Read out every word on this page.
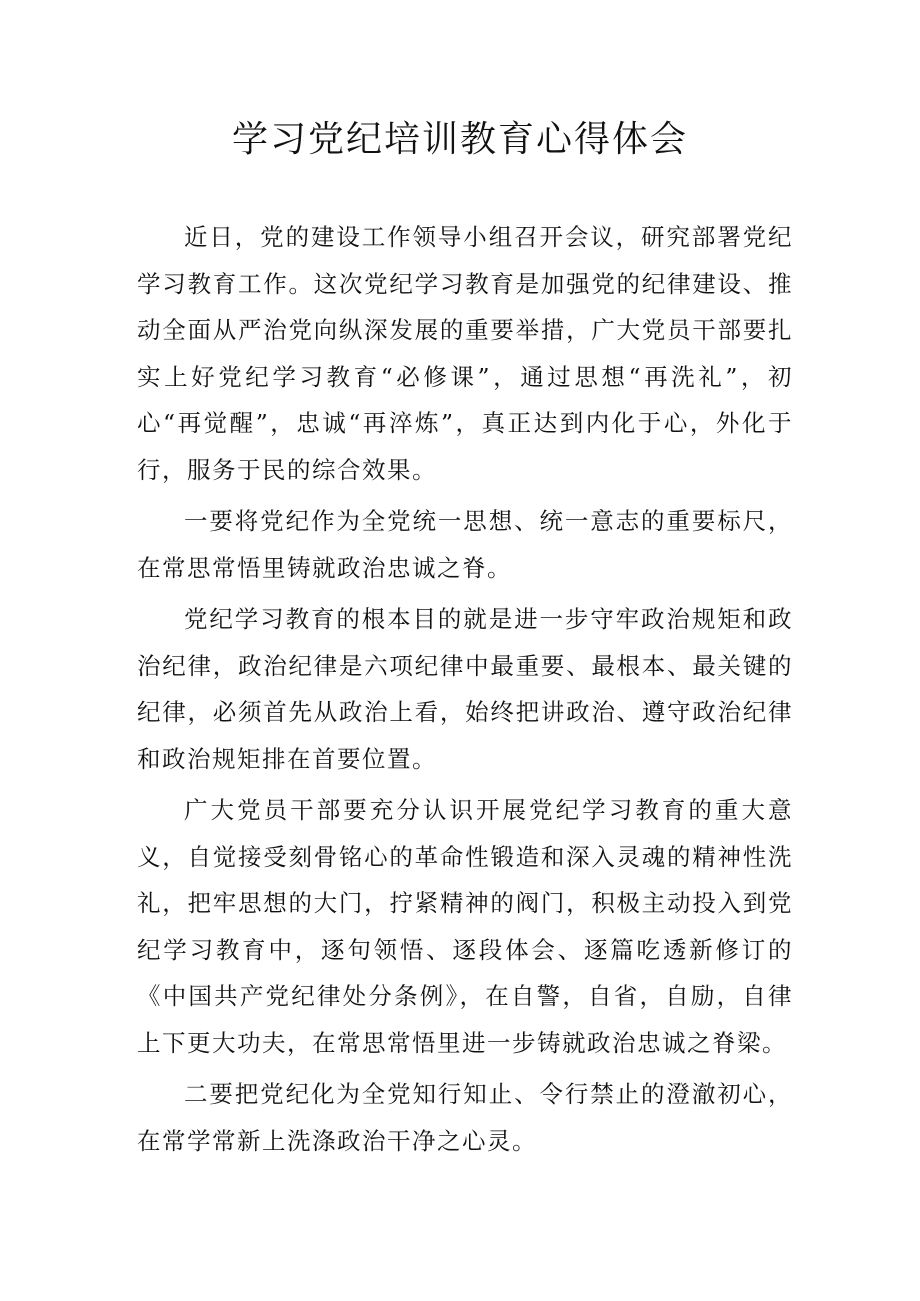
学习党纪培训教育心得体会

近日，党的建设工作领导小组召开会议，研究部署党纪学习教育工作。这次党纪学习教育是加强党的纪律建设、推动全面从严治党向纵深发展的重要举措，广大党员干部要扎实上好党纪学习教育“必修课”，通过思想“再洗礼”，初心“再觉醒”，忠诚“再淬炼”，真正达到内化于心，外化于行，服务于民的综合效果。

一要将党纪作为全党统一思想、统一意志的重要标尺，在常思常悟里铸就政治忠诚之脊。

党纪学习教育的根本目的就是进一步守牢政治规矩和政治纪律，政治纪律是六项纪律中最重要、最根本、最关键的纪律，必须首先从政治上看，始终把讲政治、遵守政治纪律和政治规矩排在首要位置。

广大党员干部要充分认识开展党纪学习教育的重大意义，自觉接受刻骨铭心的革命性锻造和深入灵魂的精神性洗礼，把牢思想的大门，拧紧精神的阀门，积极主动投入到党纪学习教育中，逐句领悟、逐段体会、逐篇吃透新修订的《中国共产党纪律处分条例》，在自警，自省，自励，自律上下更大功夫，在常思常悟里进一步铸就政治忠诚之脊梁。

二要把党纪化为全党知行知止、令行禁止的澄澈初心，在常学常新上洗涤政治干净之心灵。
